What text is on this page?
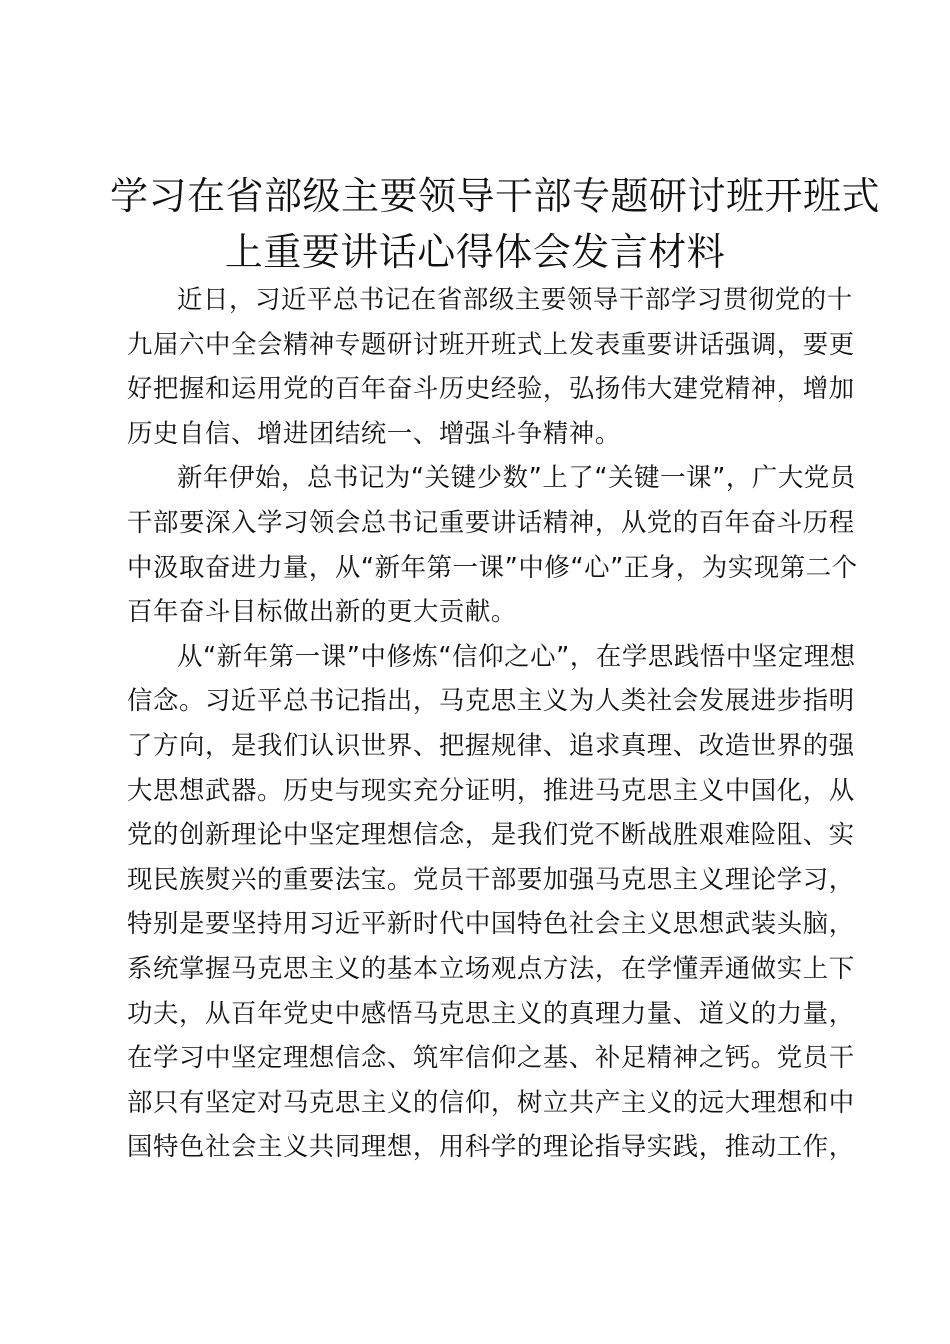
学习在省部级主要领导干部专题研讨班开班式
上重要讲话心得体会发言材料

近日，习近平总书记在省部级主要领导干部学习贯彻党的十
九届六中全会精神专题研讨班开班式上发表重要讲话强调，要更
好把握和运用党的百年奋斗历史经验，弘扬伟大建党精神，增加
历史自信、增进团结统一、增强斗争精神。

新年伊始，总书记为“关键少数”上了“关键一课”，广大党员
干部要深入学习领会总书记重要讲话精神，从党的百年奋斗历程
中汲取奋进力量，从“新年第一课”中修“心”正身，为实现第二个
百年奋斗目标做出新的更大贡献。

从“新年第一课”中修炼“信仰之心”，在学思践悟中坚定理想
信念。习近平总书记指出，马克思主义为人类社会发展进步指明
了方向，是我们认识世界、把握规律、追求真理、改造世界的强
大思想武器。历史与现实充分证明，推进马克思主义中国化，从
党的创新理论中坚定理想信念，是我们党不断战胜艰难险阻、实
现民族熨兴的重要法宝。党员干部要加强马克思主义理论学习，
特别是要坚持用习近平新时代中国特色社会主义思想武装头脑，
系统掌握马克思主义的基本立场观点方法，在学懂弄通做实上下
功夫，从百年党史中感悟马克思主义的真理力量、道义的力量，
在学习中坚定理想信念、筑牢信仰之基、补足精神之钙。党员干
部只有坚定对马克思主义的信仰，树立共产主义的远大理想和中
国特色社会主义共同理想，用科学的理论指导实践，推动工作，
